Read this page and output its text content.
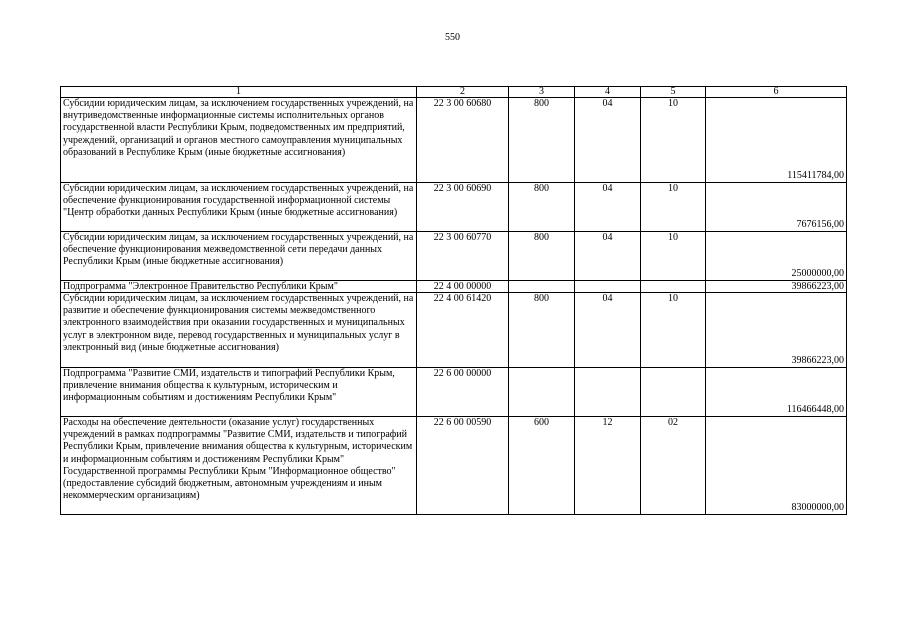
550
1	2	3	4	5	6
Субсидии юридическим лицам, за исключением государственных учреждений, на внутриведомственные информационные системы исполнительных органов государственной власти Республики Крым, подведомственных им предприятий, учреждений, организаций и органов местного самоуправления муниципальных образований в Республике Крым (иные бюджетные ассигнования)	22 3 00 60680	800	04	10	115411784,00
Субсидии юридическим лицам, за исключением государственных учреждений, на обеспечение функционирования государственной информационной системы "Центр обработки данных Республики Крым (иные бюджетные ассигнования)	22 3 00 60690	800	04	10	7676156,00
Субсидии юридическим лицам, за исключением государственных учреждений, на обеспечение функционирования межведомственной сети передачи данных Республики Крым (иные бюджетные ассигнования)	22 3 00 60770	800	04	10	25000000,00
Подпрограмма "Электронное Правительство Республики Крым"	22 4 00 00000				39866223,00
Субсидии юридическим лицам, за исключением государственных учреждений, на развитие и обеспечение функционирования системы межведомственного электронного взаимодействия при оказании государственных и муниципальных услуг в электронном виде, перевод государственных и муниципальных услуг в электронный вид (иные бюджетные ассигнования)	22 4 00 61420	800	04	10	39866223,00
Подпрограмма "Развитие СМИ, издательств и типографий Республики Крым, привлечение внимания общества к культурным, историческим и информационным событиям и достижениям Республики Крым"	22 6 00 00000				116466448,00
Расходы на обеспечение деятельности (оказание услуг) государственных учреждений в рамках подпрограммы "Развитие СМИ, издательств и типографий Республики Крым, привлечение внимания общества к культурным, историческим и информационным событиям и достижениям Республики Крым" Государственной программы Республики Крым "Информационное общество" (предоставление субсидий бюджетным, автономным учреждениям и иным некоммерческим организациям)	22 6 00 00590	600	12	02	83000000,00
